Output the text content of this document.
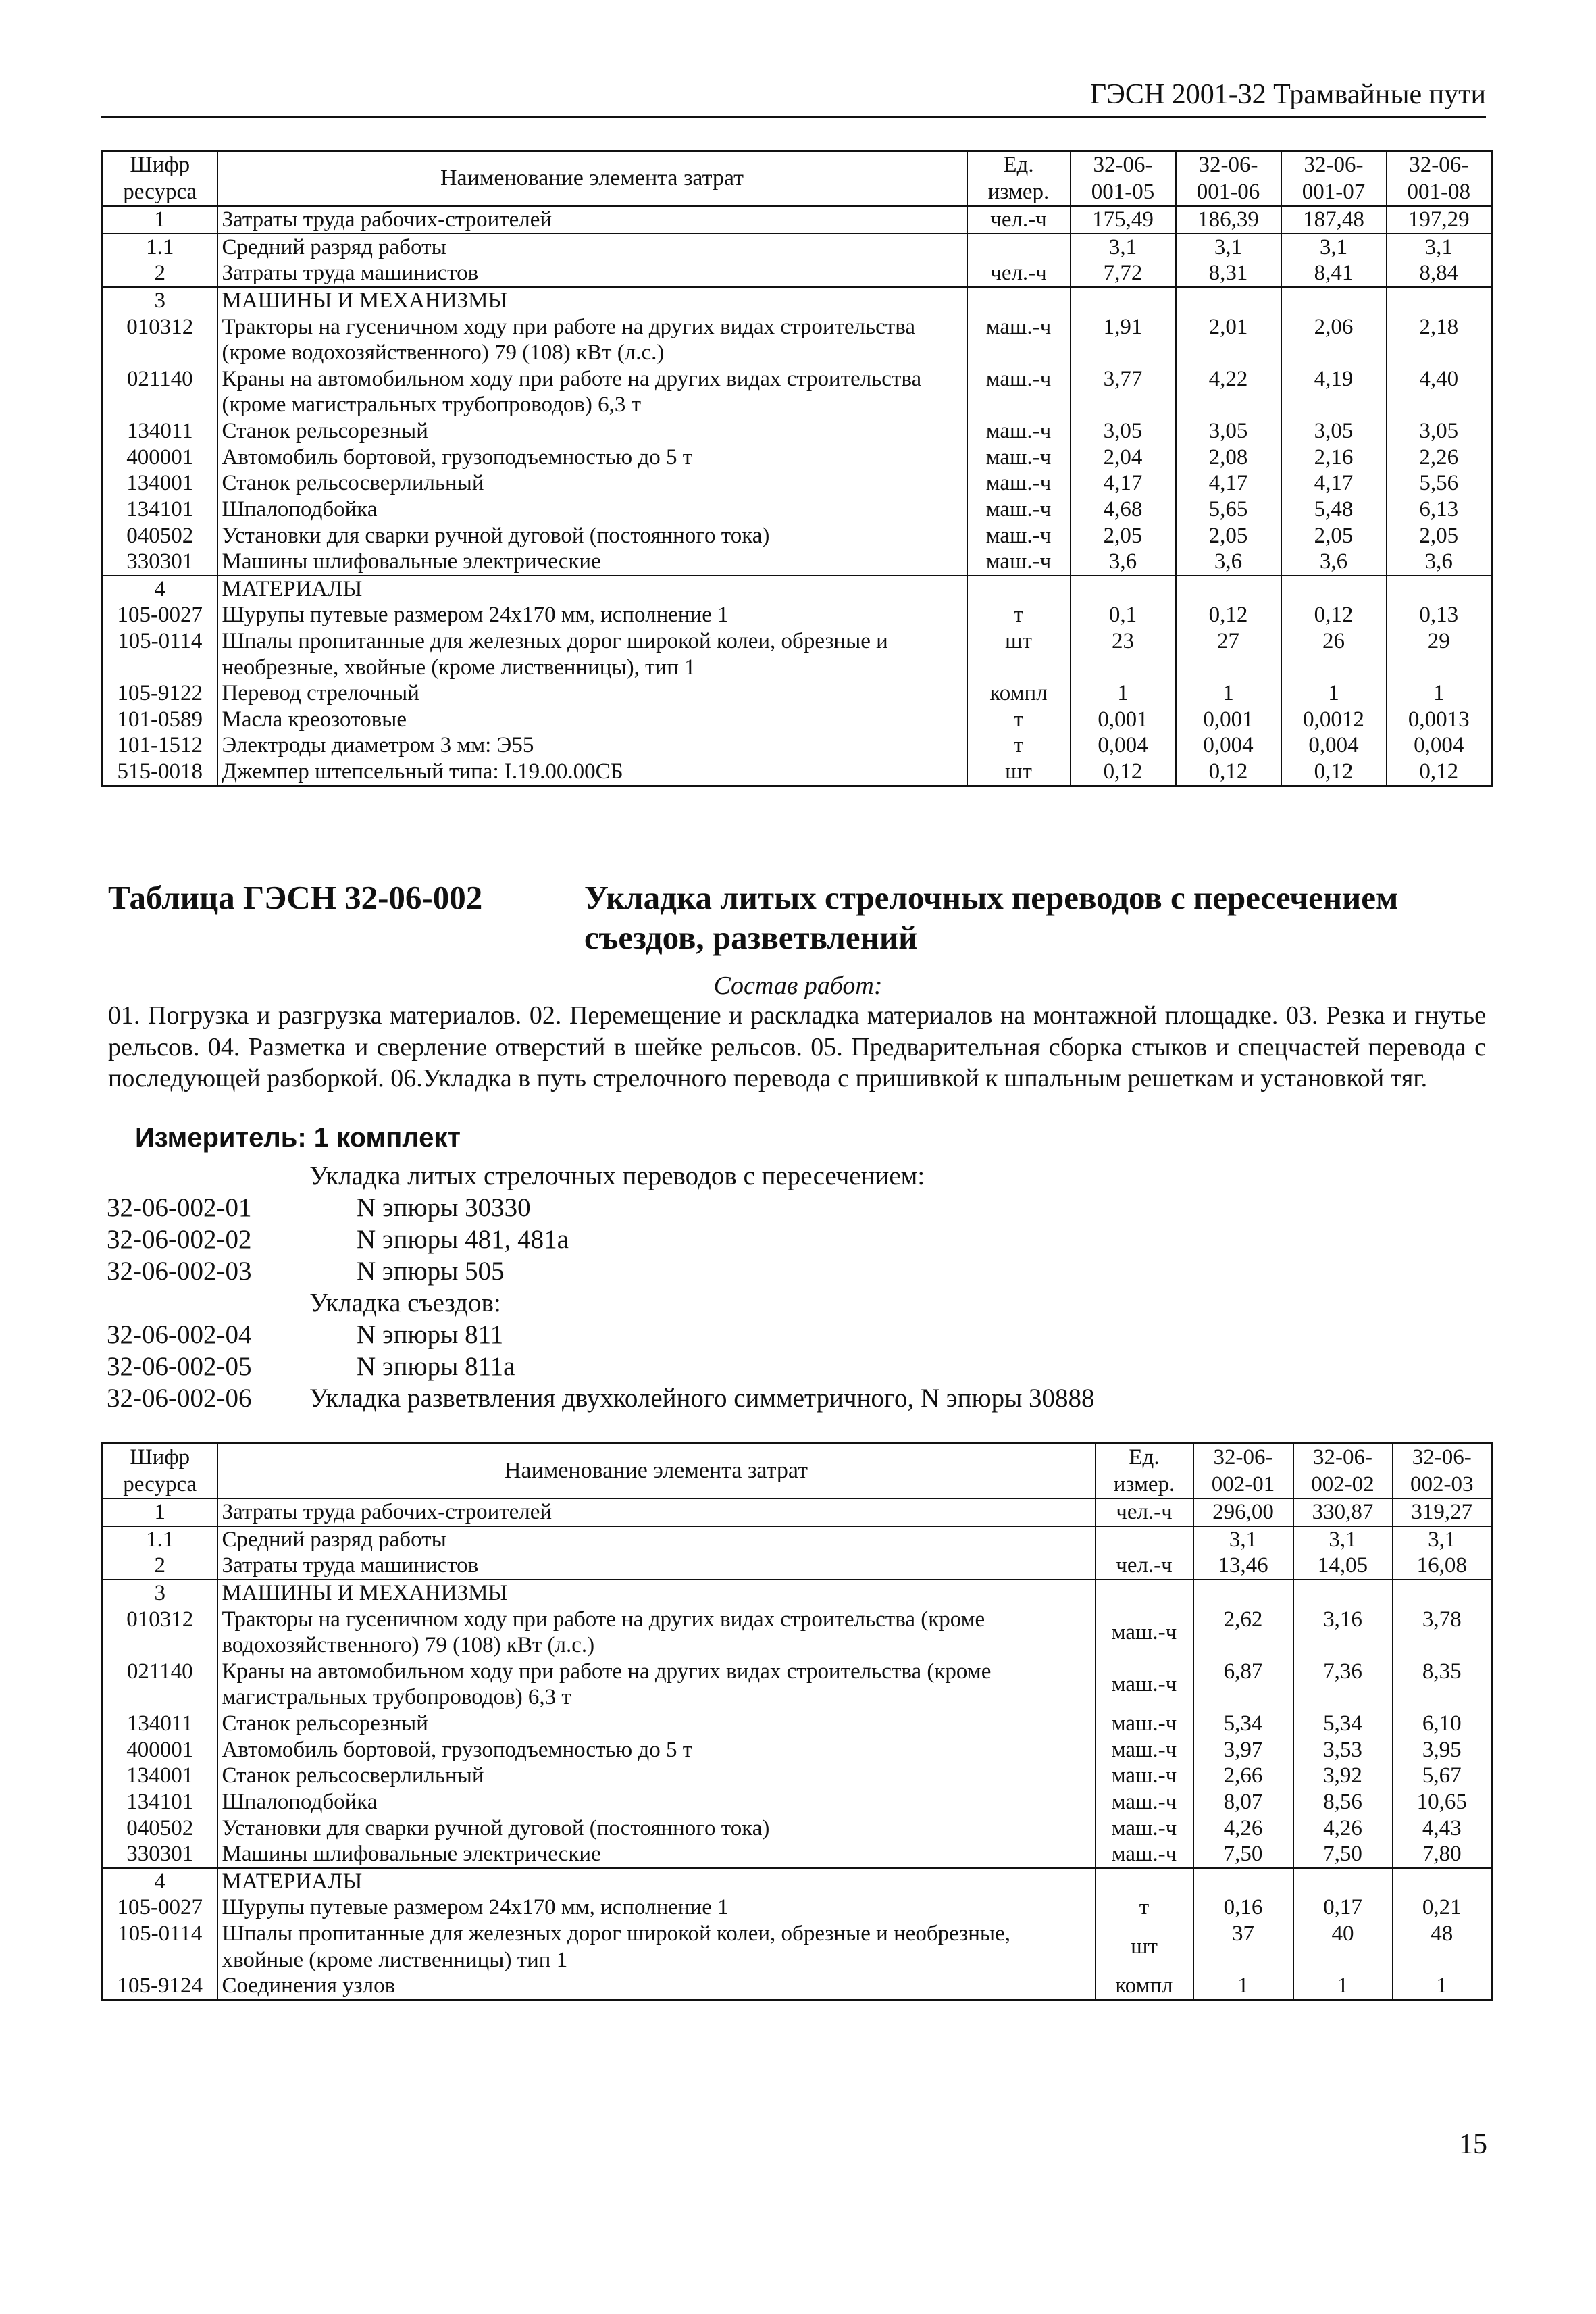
ГЭСН 2001-32 Трамвайные пути
Шифр ресурса	Наименование элемента затрат	Ед. измер.	32-06-001-05	32-06-001-06	32-06-001-07	32-06-001-08
1	Затраты труда рабочих-строителей	чел.-ч	175,49	186,39	187,48	197,29
1.1	Средний разряд работы		3,1	3,1	3,1	3,1
2	Затраты труда машинистов	чел.-ч	7,72	8,31	8,41	8,84
3	МАШИНЫ И МЕХАНИЗМЫ					
010312	Тракторы на гусеничном ходу при работе на других видах строительства (кроме водохозяйственного) 79 (108) кВт (л.с.)	маш.-ч	1,91	2,01	2,06	2,18
021140	Краны на автомобильном ходу при работе на других видах строительства (кроме магистральных трубопроводов) 6,3 т	маш.-ч	3,77	4,22	4,19	4,40
134011	Станок рельсорезный	маш.-ч	3,05	3,05	3,05	3,05
400001	Автомобиль бортовой, грузоподъемностью до 5 т	маш.-ч	2,04	2,08	2,16	2,26
134001	Станок рельсосверлильный	маш.-ч	4,17	4,17	4,17	5,56
134101	Шпалоподбойка	маш.-ч	4,68	5,65	5,48	6,13
040502	Установки для сварки ручной дуговой (постоянного тока)	маш.-ч	2,05	2,05	2,05	2,05
330301	Машины шлифовальные электрические	маш.-ч	3,6	3,6	3,6	3,6
4	МАТЕРИАЛЫ					
105-0027	Шурупы путевые размером 24х170 мм, исполнение 1	т	0,1	0,12	0,12	0,13
105-0114	Шпалы пропитанные для железных дорог широкой колеи, обрезные и необрезные, хвойные (кроме лиственницы), тип 1	шт	23	27	26	29
105-9122	Перевод стрелочный	компл	1	1	1	1
101-0589	Масла креозотовые	т	0,001	0,001	0,0012	0,0013
101-1512	Электроды диаметром 3 мм: Э55	т	0,004	0,004	0,004	0,004
515-0018	Джемпер штепсельный типа: I.19.00.00СБ	шт	0,12	0,12	0,12	0,12
Таблица ГЭСН 32-06-002	Укладка литых стрелочных переводов с пересечением съездов, разветвлений
Состав работ:
01. Погрузка и разгрузка материалов. 02. Перемещение и раскладка материалов на монтажной площадке. 03. Резка и гнутье рельсов. 04. Разметка и сверление отверстий в шейке рельсов. 05. Предварительная сборка стыков и спецчастей перевода с последующей разборкой. 06.Укладка в путь стрелочного перевода с пришивкой к шпальным решеткам и установкой тяг.
Измеритель: 1 комплект
Укладка литых стрелочных переводов с пересечением:
32-06-002-01	N эпюры 30330
32-06-002-02	N эпюры 481, 481а
32-06-002-03	N эпюры 505
Укладка съездов:
32-06-002-04	N эпюры 811
32-06-002-05	N эпюры 811а
32-06-002-06 Укладка разветвления двухколейного симметричного, N эпюры 30888
Шифр ресурса	Наименование элемента затрат	Ед. измер.	32-06-002-01	32-06-002-02	32-06-002-03
1	Затраты труда рабочих-строителей	чел.-ч	296,00	330,87	319,27
1.1	Средний разряд работы		3,1	3,1	3,1
2	Затраты труда машинистов	чел.-ч	13,46	14,05	16,08
3	МАШИНЫ И МЕХАНИЗМЫ				
010312	Тракторы на гусеничном ходу при работе на других видах строительства (кроме водохозяйственного) 79 (108) кВт (л.с.)	маш.-ч	2,62	3,16	3,78
021140	Краны на автомобильном ходу при работе на других видах строительства (кроме магистральных трубопроводов) 6,3 т	маш.-ч	6,87	7,36	8,35
134011	Станок рельсорезный	маш.-ч	5,34	5,34	6,10
400001	Автомобиль бортовой, грузоподъемностью до 5 т	маш.-ч	3,97	3,53	3,95
134001	Станок рельсосверлильный	маш.-ч	2,66	3,92	5,67
134101	Шпалоподбойка	маш.-ч	8,07	8,56	10,65
040502	Установки для сварки ручной дуговой (постоянного тока)	маш.-ч	4,26	4,26	4,43
330301	Машины шлифовальные электрические	маш.-ч	7,50	7,50	7,80
4	МАТЕРИАЛЫ				
105-0027	Шурупы путевые размером 24х170 мм, исполнение 1	т	0,16	0,17	0,21
105-0114	Шпалы пропитанные для железных дорог широкой колеи, обрезные и необрезные, хвойные (кроме лиственницы) тип 1	шт	37	40	48
105-9124	Соединения узлов	компл	1	1	1
15
